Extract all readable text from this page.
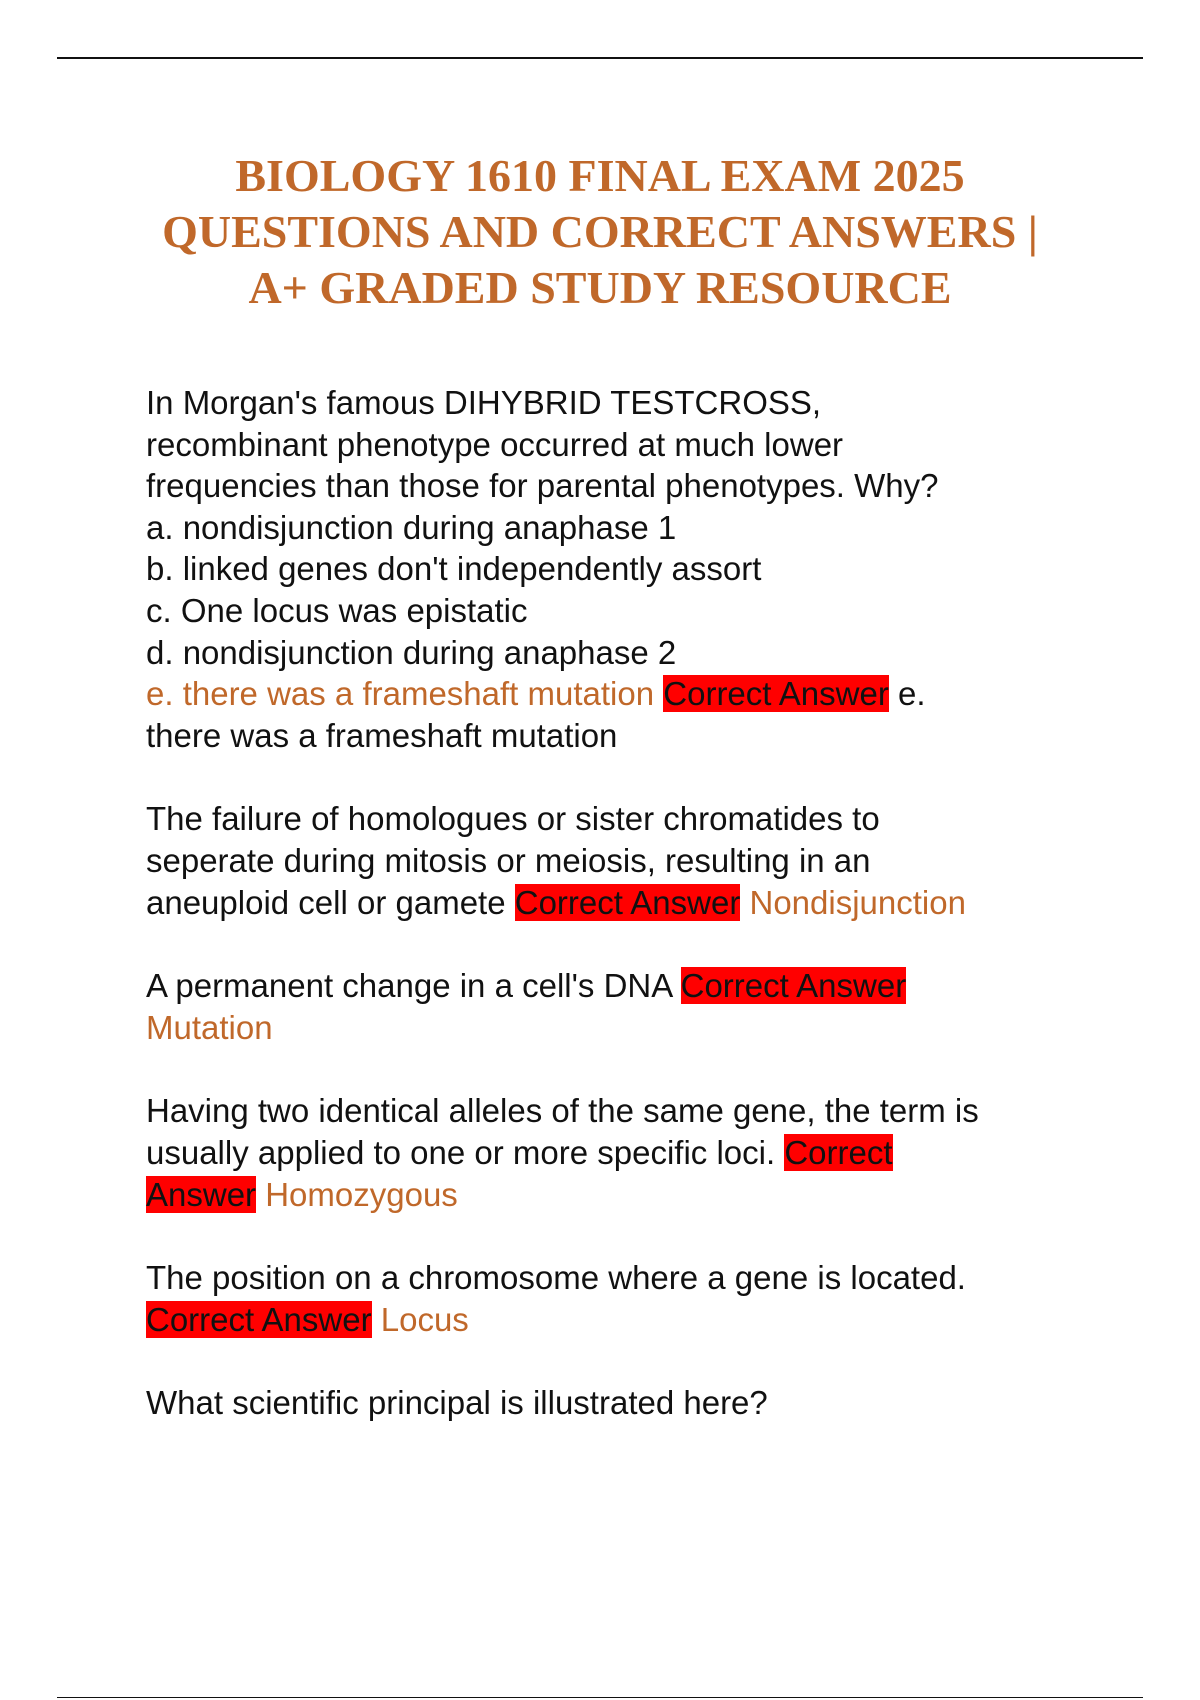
BIOLOGY 1610 FINAL EXAM 2025
QUESTIONS AND CORRECT ANSWERS |
A+ GRADED STUDY RESOURCE
In Morgan's famous DIHYBRID TESTCROSS,
recombinant phenotype occurred at much lower
frequencies than those for parental phenotypes. Why?
a. nondisjunction during anaphase 1
b. linked genes don't independently assort
c. One locus was epistatic
d. nondisjunction during anaphase 2
e. there was a frameshaft mutation Correct Answer e.
there was a frameshaft mutation
The failure of homologues or sister chromatides to
seperate during mitosis or meiosis, resulting in an
aneuploid cell or gamete Correct Answer Nondisjunction
A permanent change in a cell's DNA Correct Answer
Mutation
Having two identical alleles of the same gene, the term is
usually applied to one or more specific loci. Correct
Answer Homozygous
The position on a chromosome where a gene is located.
Correct Answer Locus
What scientific principal is illustrated here?
